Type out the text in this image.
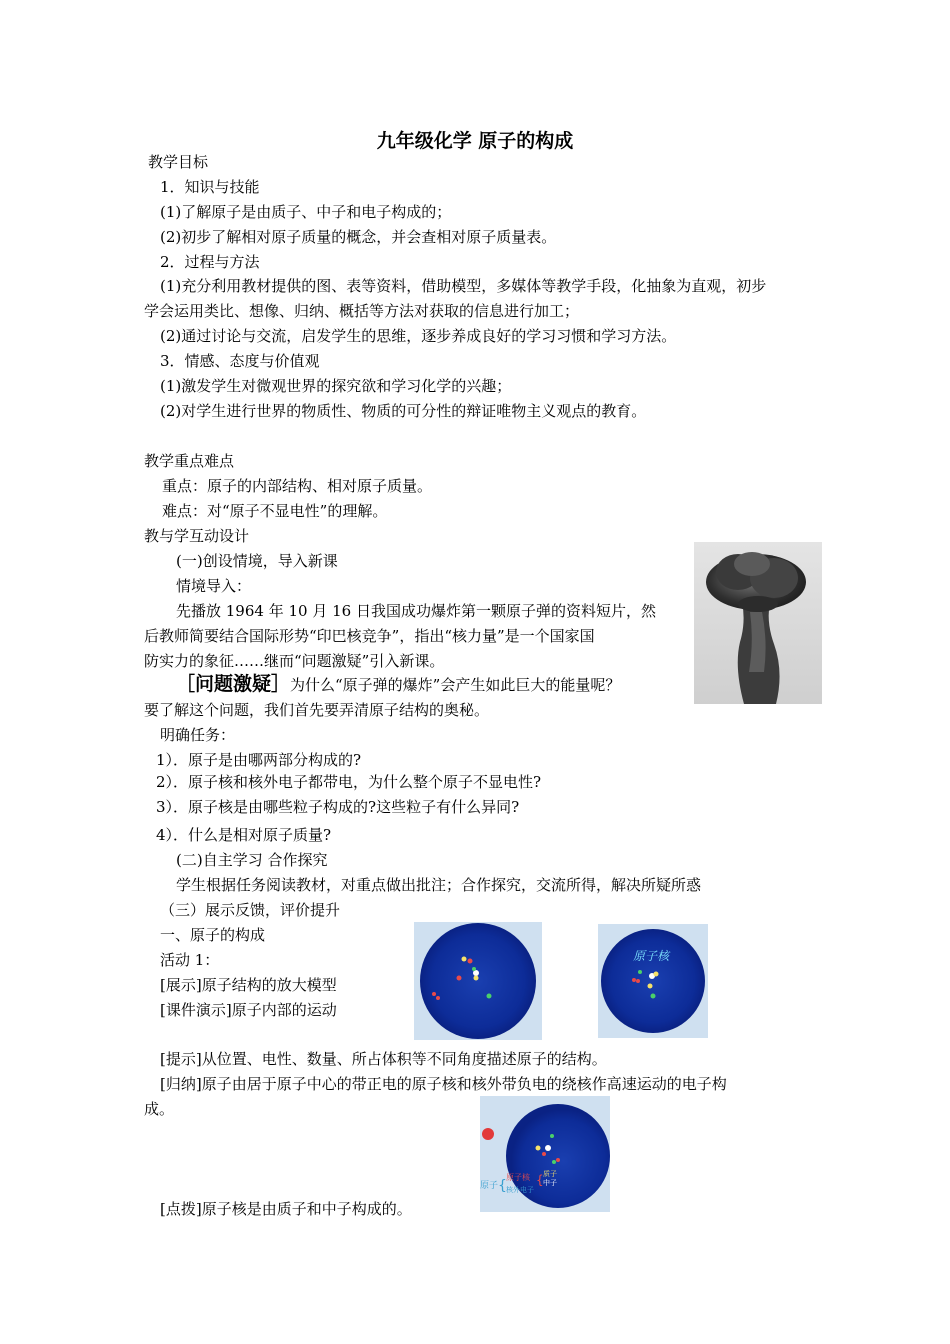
九年级化学 原子的构成
教学目标
1．知识与技能
(1)了解原子是由质子、中子和电子构成的；
(2)初步了解相对原子质量的概念，并会查相对原子质量表。
2．过程与方法
(1)充分利用教材提供的图、表等资料，借助模型，多媒体等教学手段，化抽象为直观，初步
学会运用类比、想像、归纳、概括等方法对获取的信息进行加工；
(2)通过讨论与交流，启发学生的思维，逐步养成良好的学习习惯和学习方法。
3．情感、态度与价值观
(1)激发学生对微观世界的探究欲和学习化学的兴趣；
(2)对学生进行世界的物质性、物质的可分性的辩证唯物主义观点的教育。
教学重点难点
重点：原子的内部结构、相对原子质量。
难点：对“原子不显电性”的理解。
教与学互动设计
(一)创设情境，导入新课
情境导入：
先播放 1964 年 10 月 16 日我国成功爆炸第一颗原子弹的资料短片，然
后教师简要结合国际形势“印巴核竞争”，指出“核力量”是一个国家国
防实力的象征……继而“问题激疑”引入新课。
［问题激疑］为什么“原子弹的爆炸”会产生如此巨大的能量呢？
要了解这个问题，我们首先要弄清原子结构的奥秘。
明确任务：
1）．原子是由哪两部分构成的?
2）．原子核和核外电子都带电，为什么整个原子不显电性?
3）．原子核是由哪些粒子构成的?这些粒子有什么异同?
4）．什么是相对原子质量?
(二)自主学习 合作探究
学生根据任务阅读教材，对重点做出批注；合作探究，交流所得，解决所疑所惑
（三）展示反馈，评价提升
一、原子的构成
活动 1：
[展示]原子结构的放大模型
[课件演示]原子内部的运动
[提示]从位置、电性、数量、所占体积等不同角度描述原子的结构。
[归纳]原子由居于原子中心的带正电的原子核和核外带负电的绕核作高速运动的电子构
成。
[点拨]原子核是由质子和中子构成的。
原子核
原子 {
原子核
核外电子
{ 质子
中子
